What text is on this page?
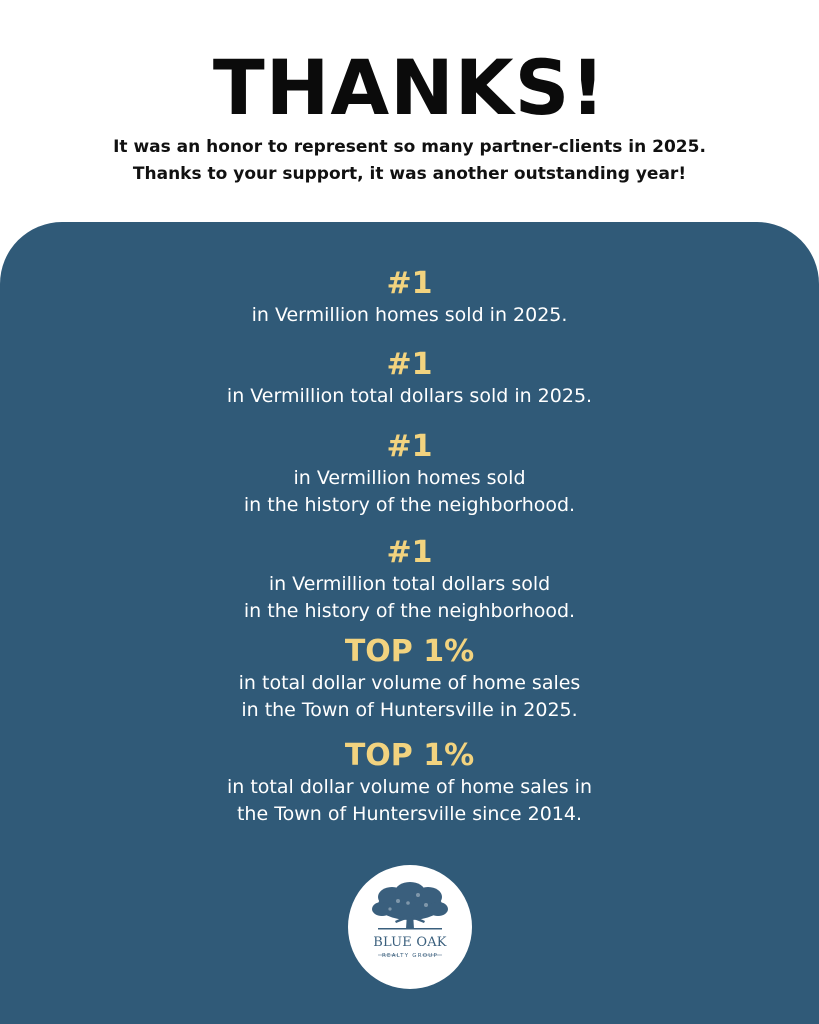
THANKS!
It was an honor to represent so many partner-clients in 2025.
Thanks to your support, it was another outstanding year!
#1
in Vermillion homes sold in 2025.
#1
in Vermillion total dollars sold in 2025.
#1
in Vermillion homes sold
in the history of the neighborhood.
#1
in Vermillion total dollars sold
in the history of the neighborhood.
TOP 1%
in total dollar volume of home sales
in the Town of Huntersville in 2025.
TOP 1%
in total dollar volume of home sales in
the Town of Huntersville since 2014.
BLUE OAK
REALTY GROUP
